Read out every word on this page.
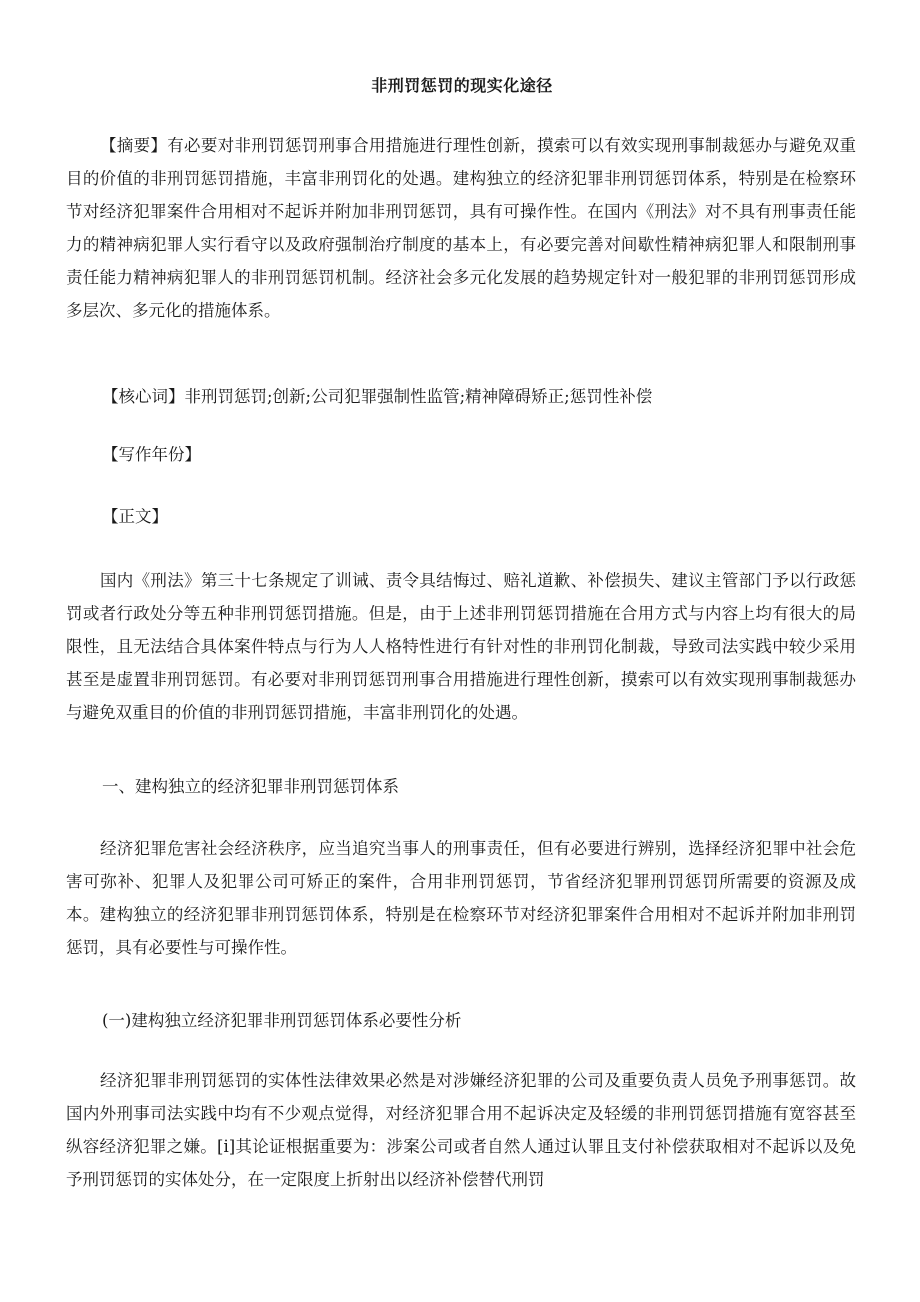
非刑罚惩罚的现实化途径

【摘要】有必要对非刑罚惩罚刑事合用措施进行理性创新，摸索可以有效实现刑事制裁惩办与避免双重目的价值的非刑罚惩罚措施，丰富非刑罚化的处遇。建构独立的经济犯罪非刑罚惩罚体系，特别是在检察环节对经济犯罪案件合用相对不起诉并附加非刑罚惩罚，具有可操作性。在国内《刑法》对不具有刑事责任能力的精神病犯罪人实行看守以及政府强制治疗制度的基本上，有必要完善对间歇性精神病犯罪人和限制刑事责任能力精神病犯罪人的非刑罚惩罚机制。经济社会多元化发展的趋势规定针对一般犯罪的非刑罚惩罚形成多层次、多元化的措施体系。

【核心词】非刑罚惩罚;创新;公司犯罪强制性监管;精神障碍矫正;惩罚性补偿

【写作年份】

【正文】

国内《刑法》第三十七条规定了训诫、责令具结悔过、赔礼道歉、补偿损失、建议主管部门予以行政惩罚或者行政处分等五种非刑罚惩罚措施。但是，由于上述非刑罚惩罚措施在合用方式与内容上均有很大的局限性，且无法结合具体案件特点与行为人人格特性进行有针对性的非刑罚化制裁，导致司法实践中较少采用甚至是虚置非刑罚惩罚。有必要对非刑罚惩罚刑事合用措施进行理性创新，摸索可以有效实现刑事制裁惩办与避免双重目的价值的非刑罚惩罚措施，丰富非刑罚化的处遇。

一、建构独立的经济犯罪非刑罚惩罚体系

经济犯罪危害社会经济秩序，应当追究当事人的刑事责任，但有必要进行辨别，选择经济犯罪中社会危害可弥补、犯罪人及犯罪公司可矫正的案件，合用非刑罚惩罚，节省经济犯罪刑罚惩罚所需要的资源及成本。建构独立的经济犯罪非刑罚惩罚体系，特别是在检察环节对经济犯罪案件合用相对不起诉并附加非刑罚惩罚，具有必要性与可操作性。

(一)建构独立经济犯罪非刑罚惩罚体系必要性分析

经济犯罪非刑罚惩罚的实体性法律效果必然是对涉嫌经济犯罪的公司及重要负责人员免予刑事惩罚。故国内外刑事司法实践中均有不少观点觉得，对经济犯罪合用不起诉决定及轻缓的非刑罚惩罚措施有宽容甚至纵容经济犯罪之嫌。[i]其论证根据重要为：涉案公司或者自然人通过认罪且支付补偿获取相对不起诉以及免予刑罚惩罚的实体处分，在一定限度上折射出以经济补偿替代刑罚
